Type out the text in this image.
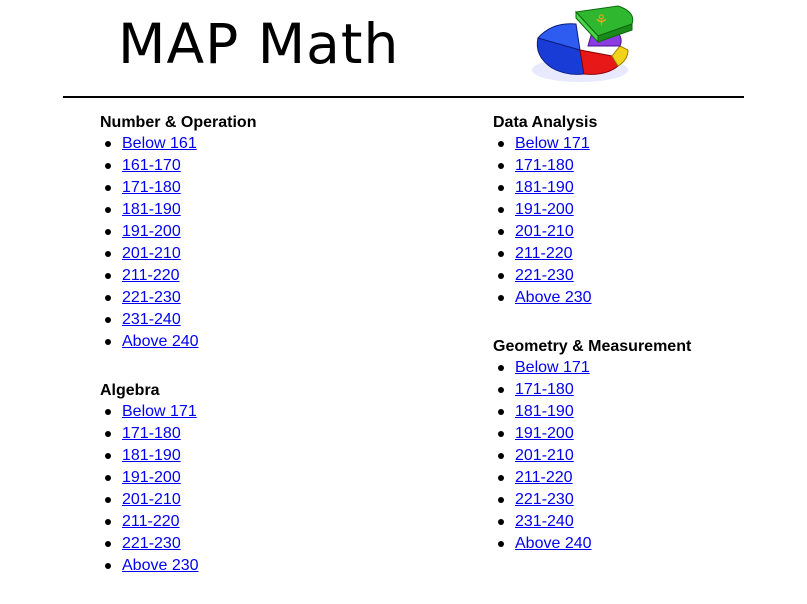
MAP Math	⚘
Number & Operation
Below 161
161-170
171-180
181-190
191-200
201-210
211-220
221-230
231-240
Above 240
Algebra
Below 171
171-180
181-190
191-200
201-210
211-220
221-230
Above 230
Data Analysis
Below 171
171-180
181-190
191-200
201-210
211-220
221-230
Above 230
Geometry & Measurement
Below 171
171-180
181-190
191-200
201-210
211-220
221-230
231-240
Above 240
